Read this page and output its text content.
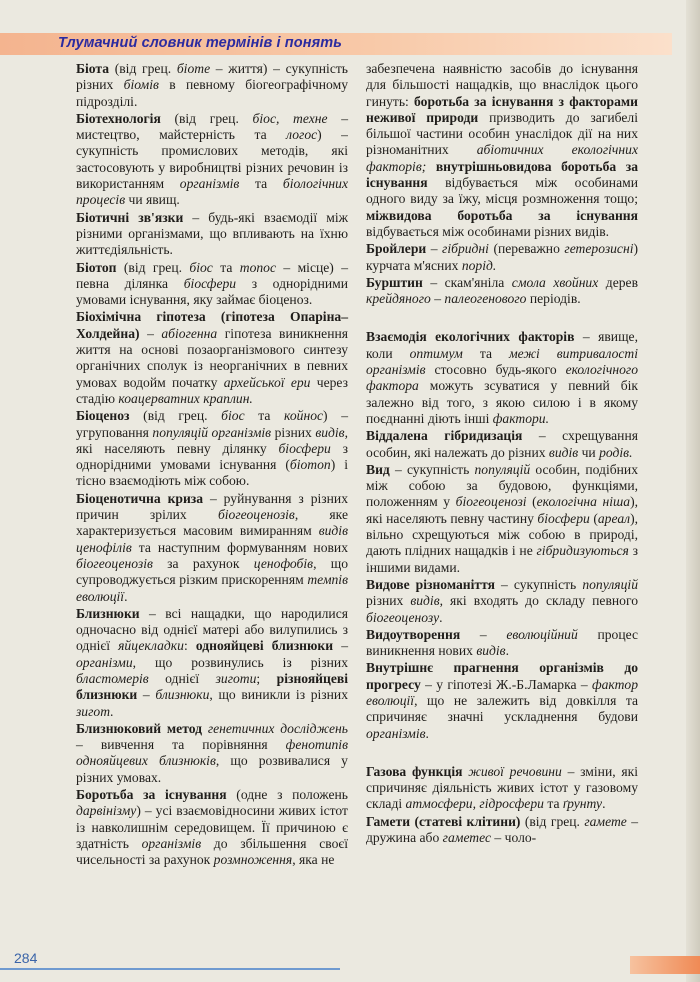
Тлумачний словник термінів і понять

Біота (від грец. біоте – життя) – сукупність різних біомів в певному біогеографічному підрозділі.

Біотехнологія (від грец. біос, техне – мистецтво, майстерність та логос) – сукупність промислових методів, які застосовують у виробництві різних речовин із використанням організмів та біологічних процесів чи явищ.

Біотичні зв'язки – будь-які взаємодії між різними організмами, що впливають на їхню життєдіяльність.

Біотоп (від грец. біос та топос – місце) – певна ділянка біосфери з однорідними умовами існування, яку займає біоценоз.

Біохімічна гіпотеза (гіпотеза Опаріна–Холдейна) – абіогенна гіпотеза виникнення життя на основі позаорганізмового синтезу органічних сполук із неорганічних в певних умовах водойм початку архейської ери через стадію коацерватних краплин.

Біоценоз (від грец. біос та койнос) – угруповання популяцій організмів різних видів, які населяють певну ділянку біосфери з однорідними умовами існування (біотоп) і тісно взаємодіють між собою.

Біоценотична криза – руйнування з різних причин зрілих біогеоценозів, яке характеризується масовим вимиранням видів ценофілів та наступним формуванням нових біогеоценозів за рахунок ценофобів, що супроводжується різким прискоренням темпів еволюції.

Близнюки – всі нащадки, що народилися одночасно від однієї матері або вилупились з однієї яйцекладки: однояйцеві близнюки – організми, що розвинулись із різних бластомерів однієї зиготи; різнояйцеві близнюки – близнюки, що виникли із різних зигот.

Близнюковий метод генетичних досліджень – вивчення та порівняння фенотипів однояйцевих близнюків, що розвивалися у різних умовах.

Боротьба за існування (одне з положень дарвінізму) – усі взаємовідносини живих істот із навколишнім середовищем. Її причиною є здатність організмів до збільшення своєї чисельності за рахунок розмноження, яка не

забезпечена наявністю засобів до існування для більшості нащадків, що внаслідок цього гинуть: боротьба за існування з факторами неживої природи призводить до загибелі більшої частини особин унаслідок дії на них різноманітних абіотичних екологічних факторів; внутрішньовидова боротьба за існування відбувається між особинами одного виду за їжу, місця розмноження тощо; міжвидова боротьба за існування відбувається між особинами різних видів.

Бройлери – гібридні (переважно гетерозисні) курчата м'ясних порід.

Бурштин – скам'яніла смола хвойних дерев крейдяного – палеогенового періодів.

Взаємодія екологічних факторів – явище, коли оптимум та межі витривалості організмів стосовно будь-якого екологічного фактора можуть зсуватися у певний бік залежно від того, з якою силою і в якому поєднанні діють інші фактори.

Віддалена гібридизація – схрещування особин, які належать до різних видів чи родів.

Вид – сукупність популяцій особин, подібних між собою за будовою, функціями, положенням у біогеоценозі (екологічна ніша), які населяють певну частину біосфери (ареал), вільно схрещуються між собою в природі, дають плідних нащадків і не гібридизуються з іншими видами.

Видове різноманіття – сукупність популяцій різних видів, які входять до складу певного біогеоценозу.

Видоутворення – еволюційний процес виникнення нових видів.

Внутрішнє прагнення організмів до прогресу – у гіпотезі Ж.-Б.Ламарка – фактор еволюції, що не залежить від довкілля та спричиняє значні ускладнення будови організмів.

Газова функція живої речовини – зміни, які спричиняє діяльність живих істот у газовому складі атмосфери, гідросфери та ґрунту.

Гамети (статеві клітини) (від грец. гамете – дружина або гаметес – чоло-

284
